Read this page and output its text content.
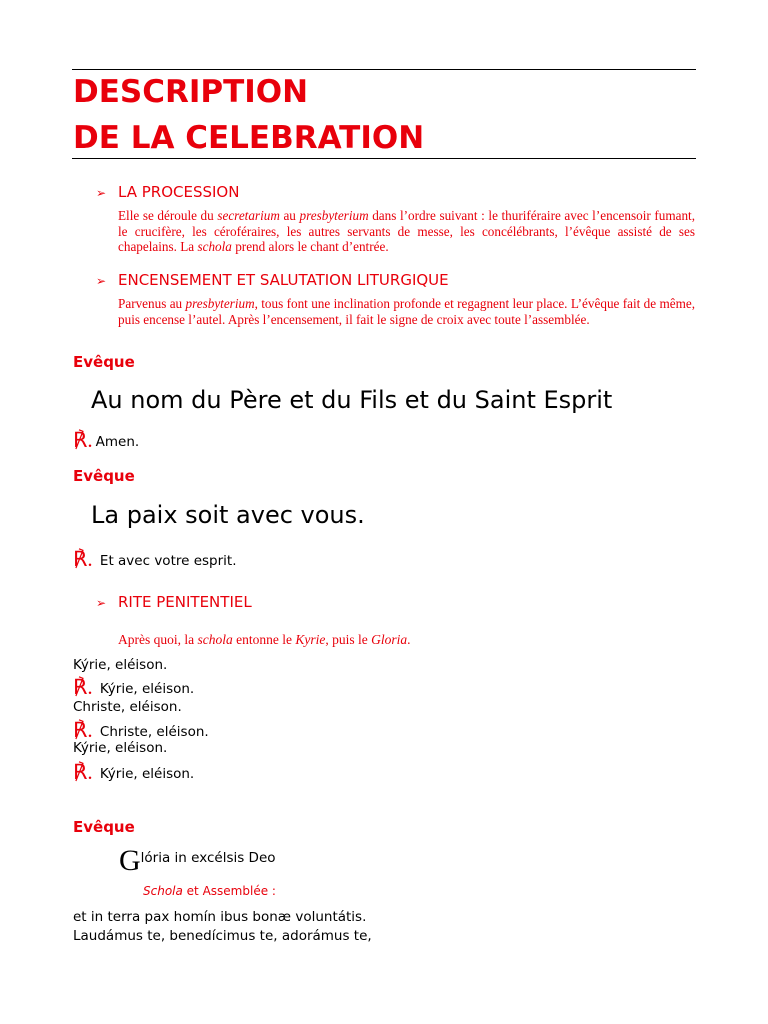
DESCRIPTION
DE LA CELEBRATION
➢ LA PROCESSION
Elle se déroule du secretarium au presbyterium dans l’ordre suivant : le thuriféraire avec l’encensoir fumant, le crucifère, les céroféraires, les autres servants de messe, les concélébrants, l’évêque assisté de ses chapelains. La schola prend alors le chant d’entrée.
➢ ENCENSEMENT ET SALUTATION LITURGIQUE
Parvenus au presbyterium, tous font une inclination profonde et regagnent leur place. L’évêque fait de même, puis encense l’autel. Après l’encensement, il fait le signe de croix avec toute l’assemblée.
Evêque
Au nom du Père et du Fils et du Saint Esprit
℟. Amen.
Evêque
La paix soit avec vous.
℟. Et avec votre esprit.
➢ RITE PENITENTIEL
Après quoi, la schola entonne le Kyrie, puis le Gloria.
Kýrie, eléison.
℟. Kýrie, eléison.
Christe, eléison.
℟. Christe, eléison.
Kýrie, eléison.
℟. Kýrie, eléison.
Evêque
Glória in excélsis Deo
Schola et Assemblée :
et in terra pax homín ibus bonæ voluntátis.
Laudámus te, benedícimus te, adorámus te,
